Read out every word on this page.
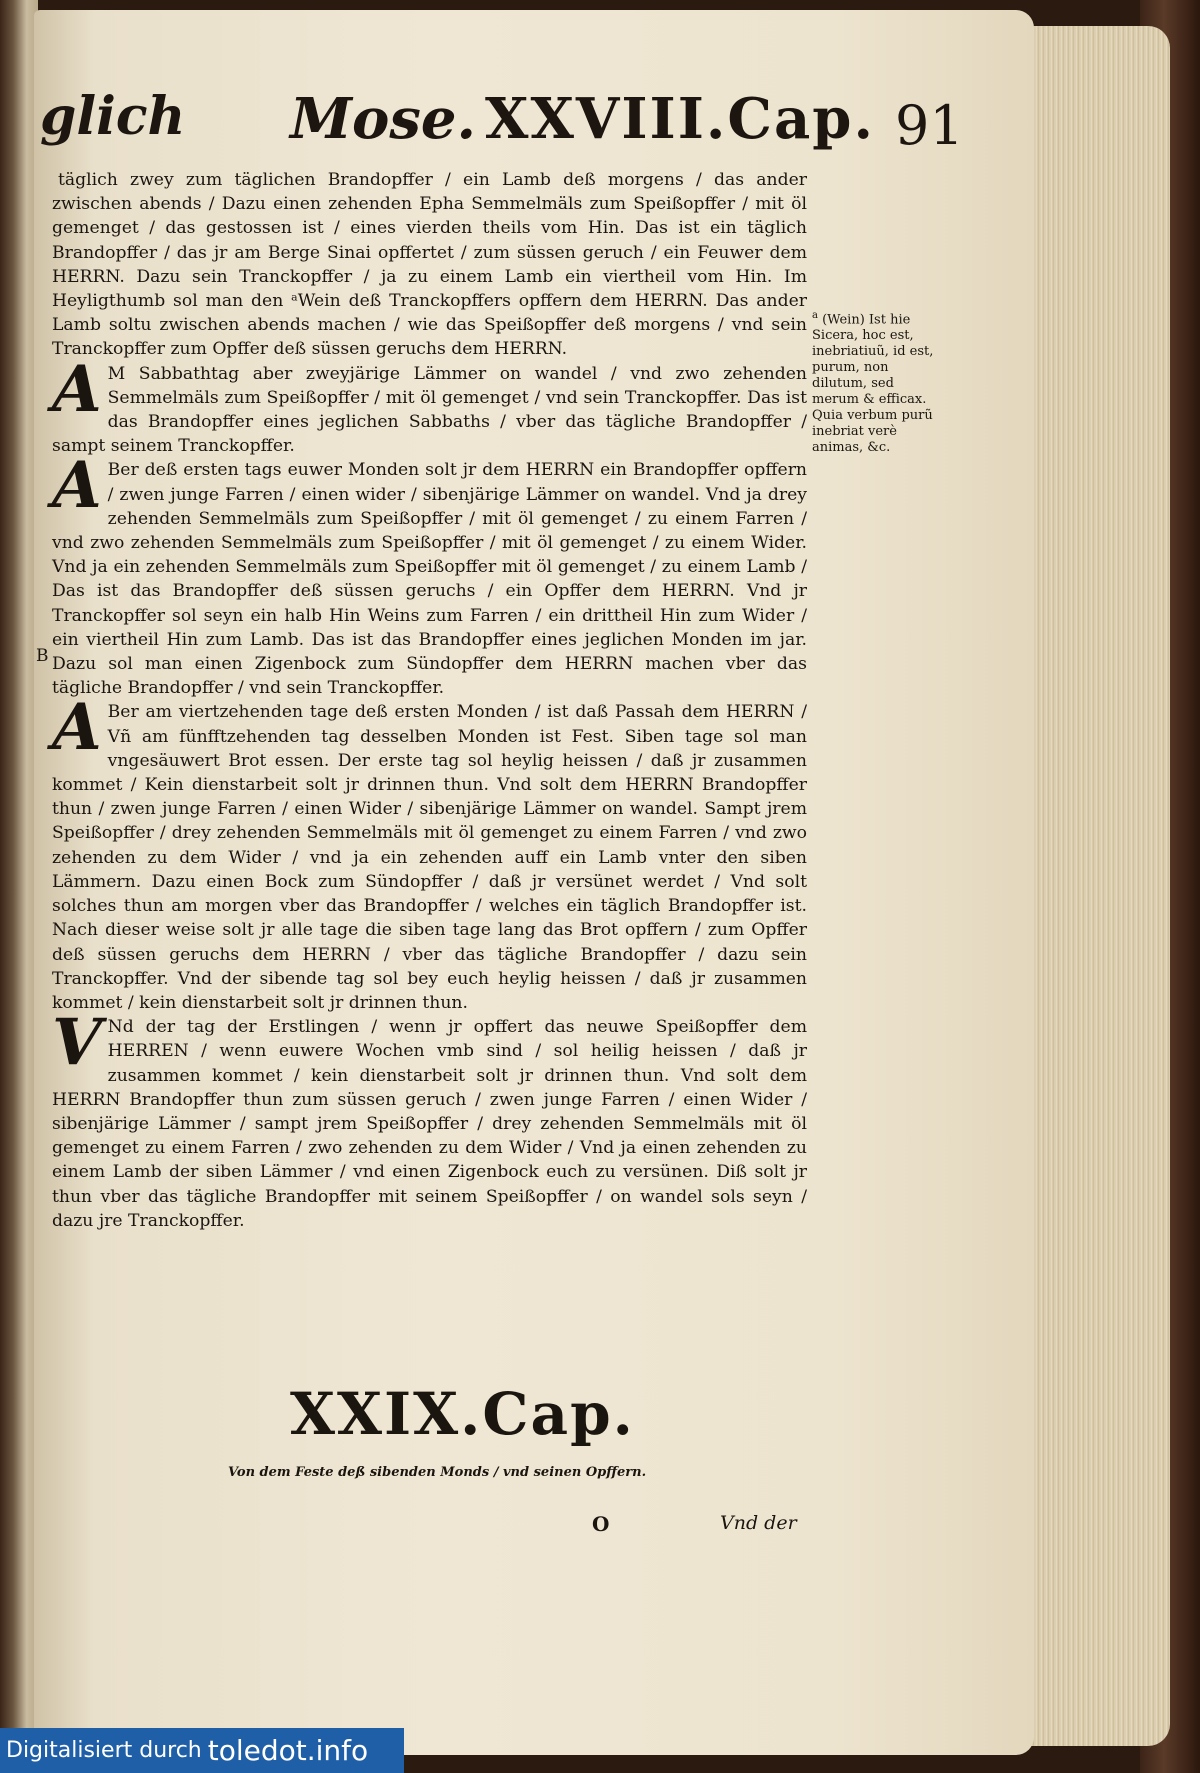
glich Mose. XXVIII.Cap. 91

täglich zwey zum täglichen Brandopffer / ein Lamb deß morgens / das ander zwischen abends / Dazu einen zehenden Epha Semmelmäls zum Speißopffer / mit öl gemenget / das gestossen ist / eines vierden theils vom Hin. Das ist ein täglich Brandopffer / das jr am Berge Sinai opffertet / zum süssen geruch / ein Feuwer dem HERRN. Dazu sein Tranckopffer / ja zu einem Lamb ein viertheil vom Hin. Im Heyligthumb sol man den ᵃWein deß Tranckopffers opffern dem HERRN. Das ander Lamb soltu zwischen abends machen / wie das Speißopffer deß morgens / vnd sein Tranckopffer zum Opffer deß süssen geruchs dem HERRN.

A M Sabbathtag aber zweyjärige Lämmer on wandel / vnd zwo zehenden Semmelmäls zum Speißopffer / mit öl gemenget / vnd sein Tranckopffer. Das ist das Brandopffer eines jeglichen Sabbaths / vber das tägliche Brandopffer / sampt seinem Tranckopffer.

A Ber deß ersten tags euwer Monden solt jr dem HERRN ein Brandopffer opffern / zwen junge Farren / einen wider / sibenjärige Lämmer on wandel. Vnd ja drey zehenden Semmelmäls zum Speißopffer / mit öl gemenget / zu einem Farren / vnd zwo zehenden Semmelmäls zum Speißopffer / mit öl gemenget / zu einem Wider. Vnd ja ein zehenden Semmelmäls zum Speißopffer mit öl gemenget / zu einem Lamb / Das ist das Brandopffer deß süssen geruchs / ein Opffer dem HERRN. Vnd jr Tranckopffer sol seyn ein halb Hin Weins zum Farren / ein drittheil Hin zum Wider / ein viertheil Hin zum Lamb. Das ist das Brandopffer eines jeglichen Monden im jar. Dazu sol man einen Zigenbock zum Sündopffer dem HERRN machen vber das tägliche Brandopffer / vnd sein Tranckopffer.

A Ber am viertzehenden tage deß ersten Monden / ist daß Passah dem HERRN / Vñ am fünfftzehenden tag desselben Monden ist Fest. Siben tage sol man vngesäuwert Brot essen. Der erste tag sol heylig heissen / daß jr zusammen kommet / Kein dienstarbeit solt jr drinnen thun. Vnd solt dem HERRN Brandopffer thun / zwen junge Farren / einen Wider / sibenjärige Lämmer on wandel. Sampt jrem Speißopffer / drey zehenden Semmelmäls mit öl gemenget zu einem Farren / vnd zwo zehenden zu dem Wider / vnd ja ein zehenden auff ein Lamb vnter den siben Lämmern. Dazu einen Bock zum Sündopffer / daß jr versünet werdet / Vnd solt solches thun am morgen vber das Brandopffer / welches ein täglich Brandopffer ist. Nach dieser weise solt jr alle tage die siben tage lang das Brot opffern / zum Opffer deß süssen geruchs dem HERRN / vber das tägliche Brandopffer / dazu sein Tranckopffer. Vnd der sibende tag sol bey euch heylig heissen / daß jr zusammen kommet / kein dienstarbeit solt jr drinnen thun.

V Nd der tag der Erstlingen / wenn jr opffert das neuwe Speißopffer dem HERREN / wenn euwere Wochen vmb sind / sol heilig heissen / daß jr zusammen kommet / kein dienstarbeit solt jr drinnen thun. Vnd solt dem HERRN Brandopffer thun zum süssen geruch / zwen junge Farren / einen Wider / sibenjärige Lämmer / sampt jrem Speißopffer / drey zehenden Semmelmäls mit öl gemenget zu einem Farren / zwo zehenden zu dem Wider / Vnd ja einen zehenden zu einem Lamb der siben Lämmer / vnd einen Zigenbock euch zu versünen. Diß solt jr thun vber das tägliche Brandopffer mit seinem Speißopffer / on wandel sols seyn / dazu jre Tranckopffer.

$^a$ (Wein) Ist hie Sicera, hoc est, inebriatiuũ, id est, purum, non dilutum, sed merum & efficax. Quia verbum purũ inebriat verè animas, &c.
B
XXIX.Cap.
Von dem Feste deß sibenden Monds / vnd seinen Opffern.
O	Vnd der
Digitalisiert durch toledot.info
